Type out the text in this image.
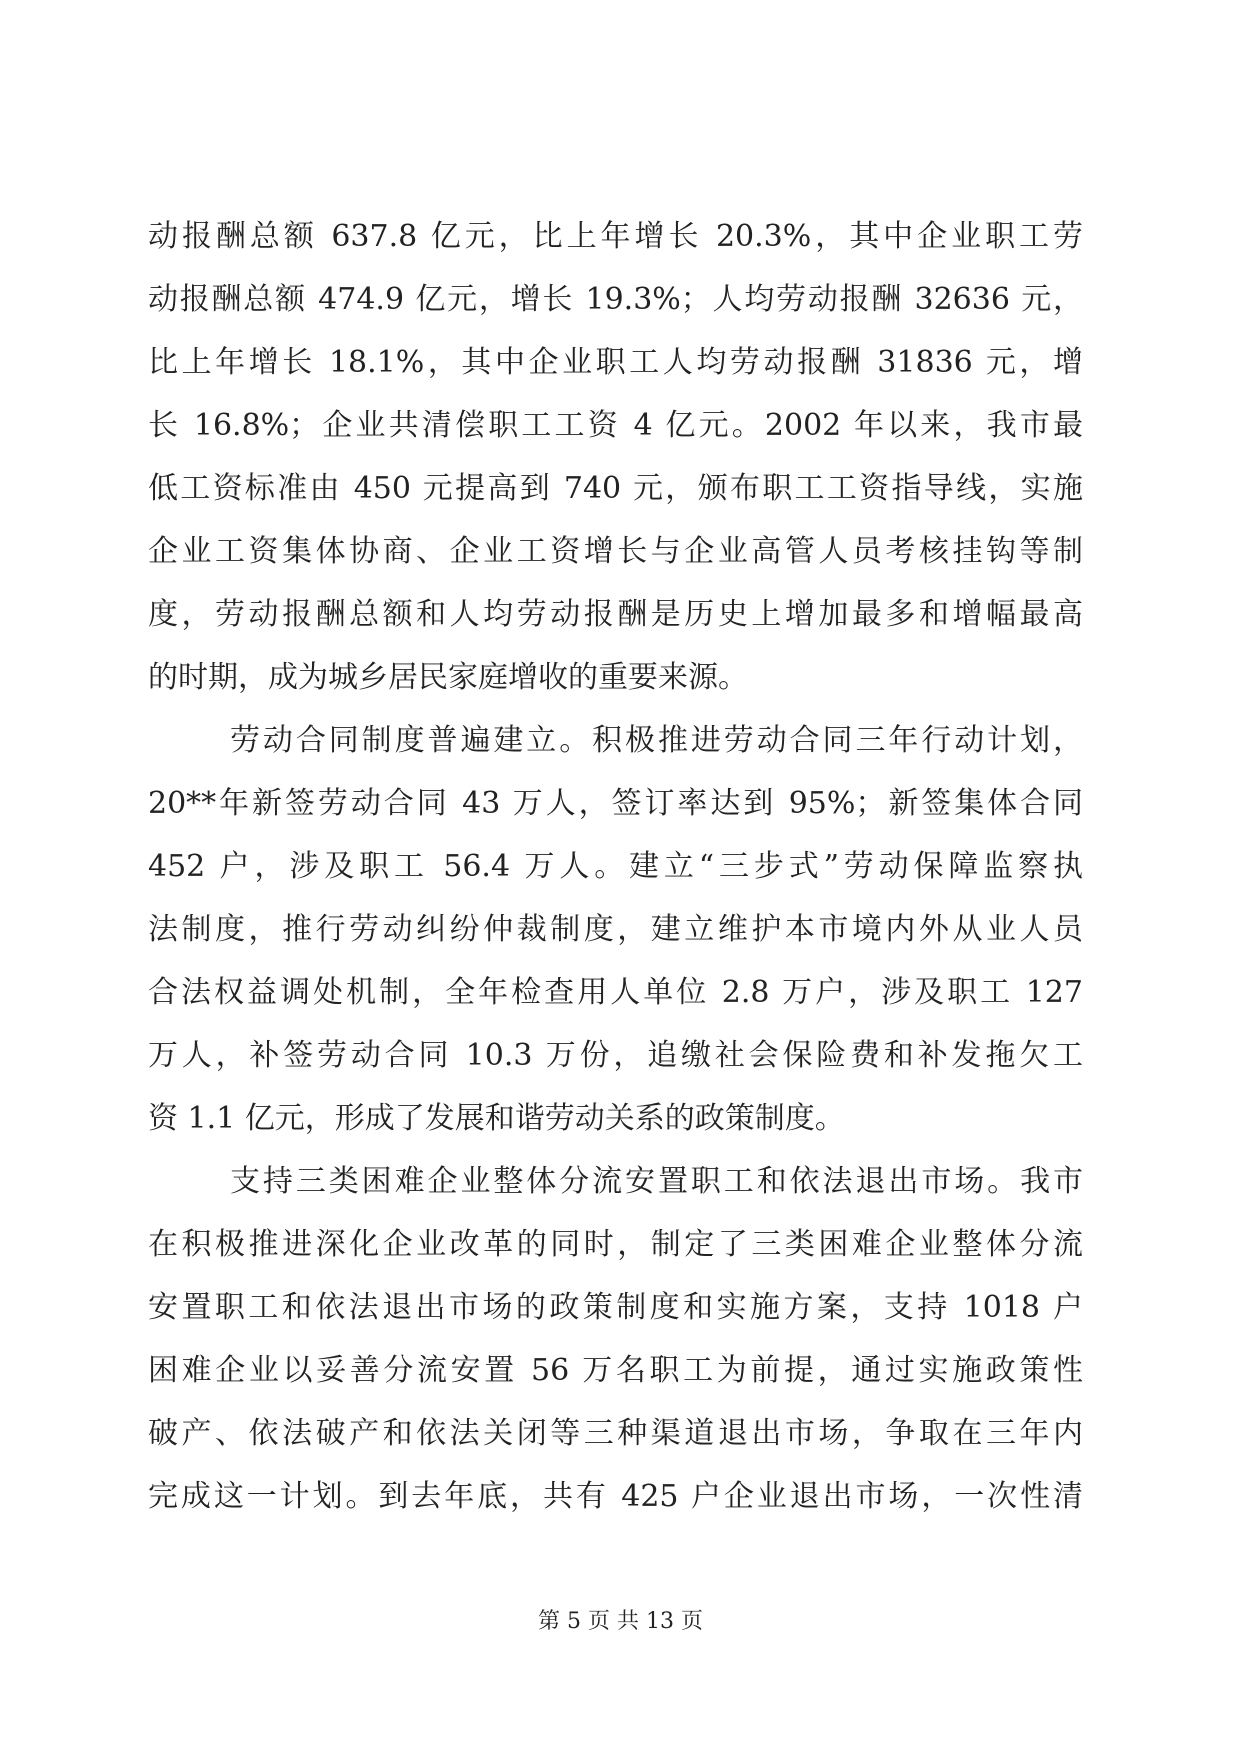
动报酬总额 637.8 亿元，比上年增长 20.3%，其中企业职工劳
动报酬总额 474.9 亿元，增长 19.3%；人均劳动报酬 32636 元，
比上年增长 18.1%，其中企业职工人均劳动报酬 31836 元，增
长 16.8%；企业共清偿职工工资 4 亿元。2002 年以来，我市最
低工资标准由 450 元提高到 740 元，颁布职工工资指导线，实施
企业工资集体协商、企业工资增长与企业高管人员考核挂钩等制
度，劳动报酬总额和人均劳动报酬是历史上增加最多和增幅最高
的时期，成为城乡居民家庭增收的重要来源。
劳动合同制度普遍建立。积极推进劳动合同三年行动计划，
20**年新签劳动合同 43 万人，签订率达到 95%；新签集体合同
452 户，涉及职工 56.4 万人。建立“三步式”劳动保障监察执
法制度，推行劳动纠纷仲裁制度，建立维护本市境内外从业人员
合法权益调处机制，全年检查用人单位 2.8 万户，涉及职工 127
万人，补签劳动合同 10.3 万份，追缴社会保险费和补发拖欠工
资 1.1 亿元，形成了发展和谐劳动关系的政策制度。
支持三类困难企业整体分流安置职工和依法退出市场。我市
在积极推进深化企业改革的同时，制定了三类困难企业整体分流
安置职工和依法退出市场的政策制度和实施方案，支持 1018 户
困难企业以妥善分流安置 56 万名职工为前提，通过实施政策性
破产、依法破产和依法关闭等三种渠道退出市场，争取在三年内
完成这一计划。到去年底，共有 425 户企业退出市场，一次性清
第 5 页 共 13 页
